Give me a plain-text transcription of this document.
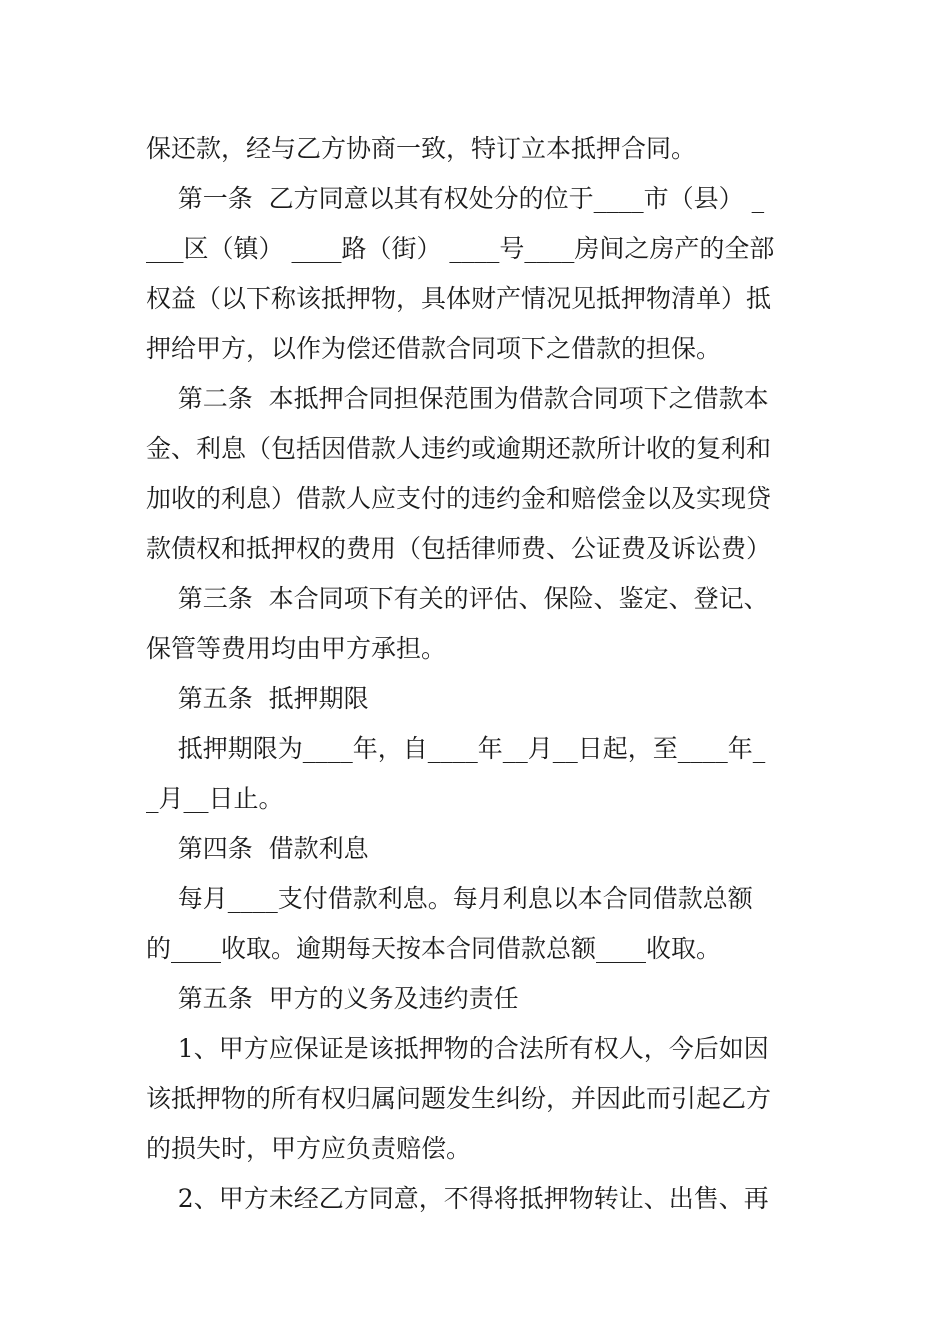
保还款，经与乙方协商一致，特订立本抵押合同。
第一条  乙方同意以其有权处分的位于____市（县） _
___区（镇） ____路（街） ____号____房间之房产的全部
权益（以下称该抵押物，具体财产情况见抵押物清单）抵
押给甲方，以作为偿还借款合同项下之借款的担保。
第二条  本抵押合同担保范围为借款合同项下之借款本
金、利息（包括因借款人违约或逾期还款所计收的复利和
加收的利息）借款人应支付的违约金和赔偿金以及实现贷
款债权和抵押权的费用（包括律师费、公证费及诉讼费）
第三条  本合同项下有关的评估、保险、鉴定、登记、
保管等费用均由甲方承担。
第五条  抵押期限
抵押期限为____年，自____年__月__日起，至____年_
_月__日止。
第四条  借款利息
每月____支付借款利息。每月利息以本合同借款总额
的____收取。逾期每天按本合同借款总额____收取。
第五条  甲方的义务及违约责任
1、甲方应保证是该抵押物的合法所有权人，今后如因
该抵押物的所有权归属问题发生纠纷，并因此而引起乙方
的损失时，甲方应负责赔偿。
2、甲方未经乙方同意，不得将抵押物转让、出售、再
